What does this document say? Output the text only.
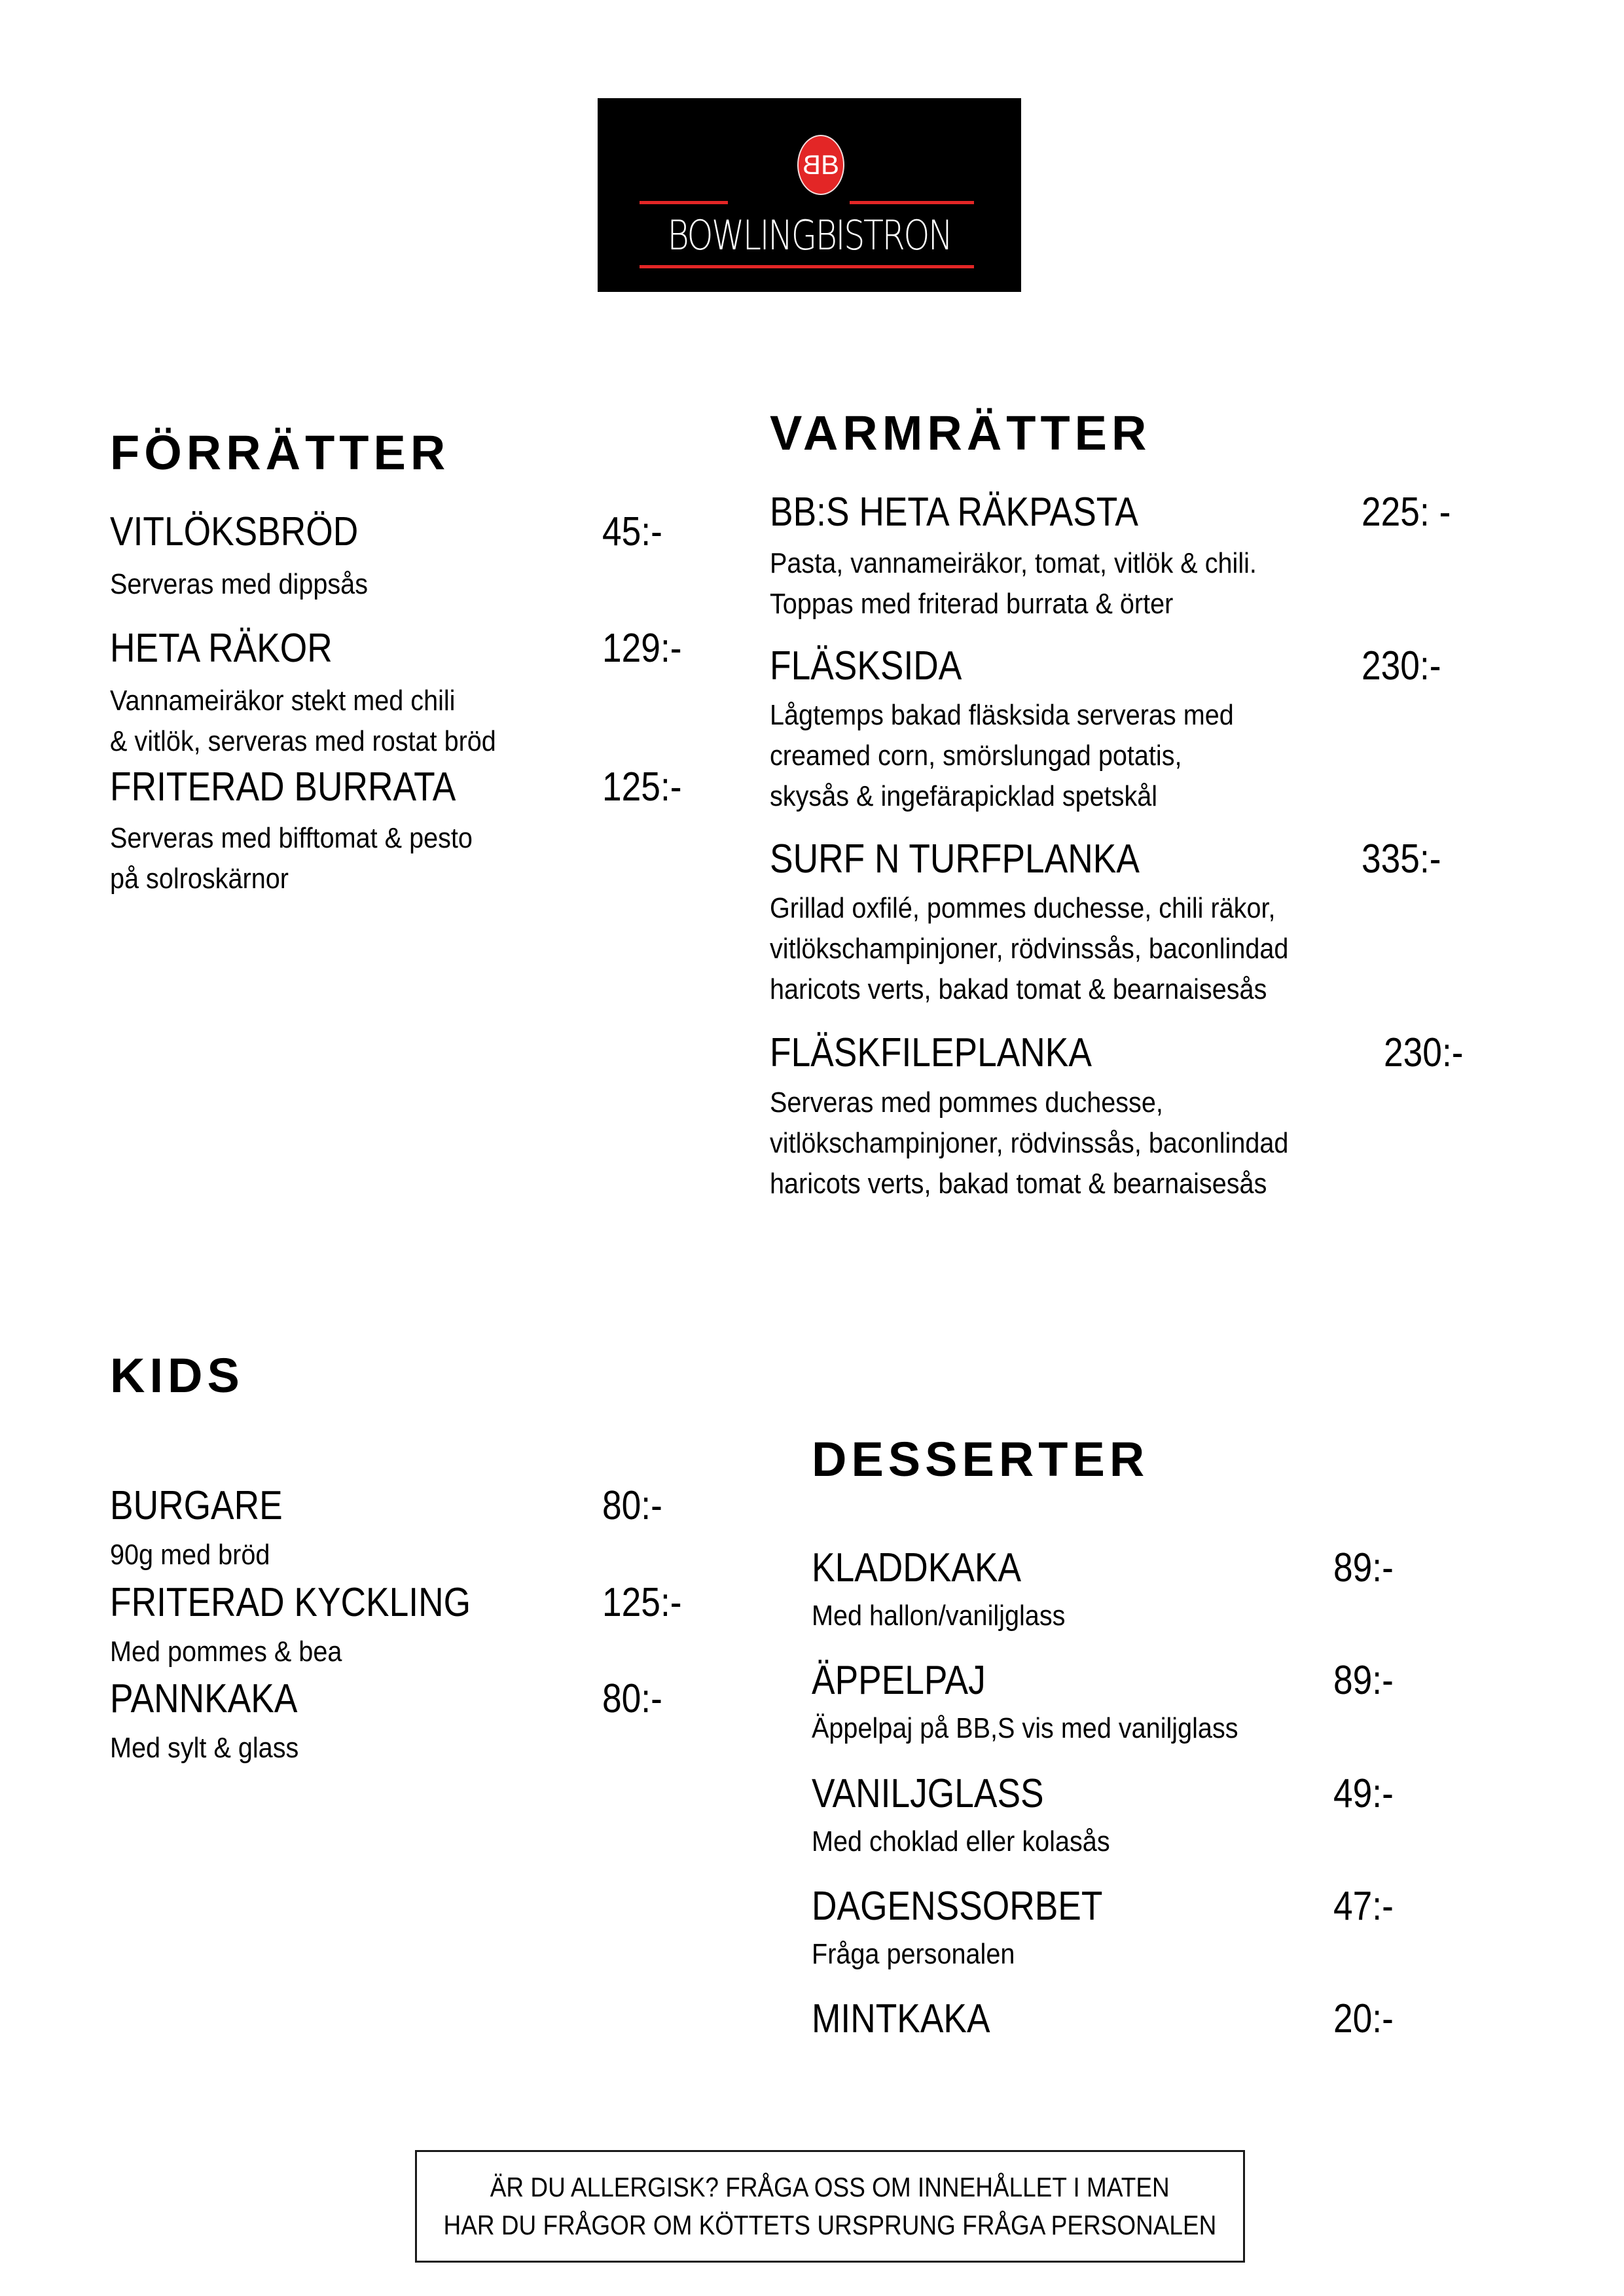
BB
BOWLINGBISTRON
FÖRRÄTTER
VITLÖKSBRÖD	45:-
Serveras med dippsås
HETA RÄKOR	129:-
Vannameiräkor stekt med chili
& vitlök, serveras med rostat bröd
FRITERAD BURRATA	125:-
Serveras med bifftomat & pesto
på solroskärnor
VARMRÄTTER
BB:S HETA RÄKPASTA	225: -
Pasta, vannameiräkor, tomat, vitlök & chili.
Toppas med friterad burrata & örter
FLÄSKSIDA	230:-
Lågtemps bakad fläsksida serveras med
creamed corn, smörslungad potatis,
skysås & ingefärapicklad spetskål
SURF N TURFPLANKA	335:-
Grillad oxfilé, pommes duchesse, chili räkor,
vitlökschampinjoner, rödvinssås, baconlindad
haricots verts, bakad tomat & bearnaisesås
FLÄSKFILEPLANKA	230:-
Serveras med pommes duchesse,
vitlökschampinjoner, rödvinssås, baconlindad
haricots verts, bakad tomat & bearnaisesås
KIDS
BURGARE	80:-
90g med bröd
FRITERAD KYCKLING	125:-
Med pommes & bea
PANNKAKA	80:-
Med sylt & glass
DESSERTER
KLADDKAKA	89:-
Med hallon/vaniljglass
ÄPPELPAJ	89:-
Äppelpaj på BB,S vis med vaniljglass
VANILJGLASS	49:-
Med choklad eller kolasås
DAGENSSORBET	47:-
Fråga personalen
MINTKAKA	20:-
ÄR DU ALLERGISK? FRÅGA OSS OM INNEHÅLLET I MATEN
HAR DU FRÅGOR OM KÖTTETS URSPRUNG FRÅGA PERSONALEN
